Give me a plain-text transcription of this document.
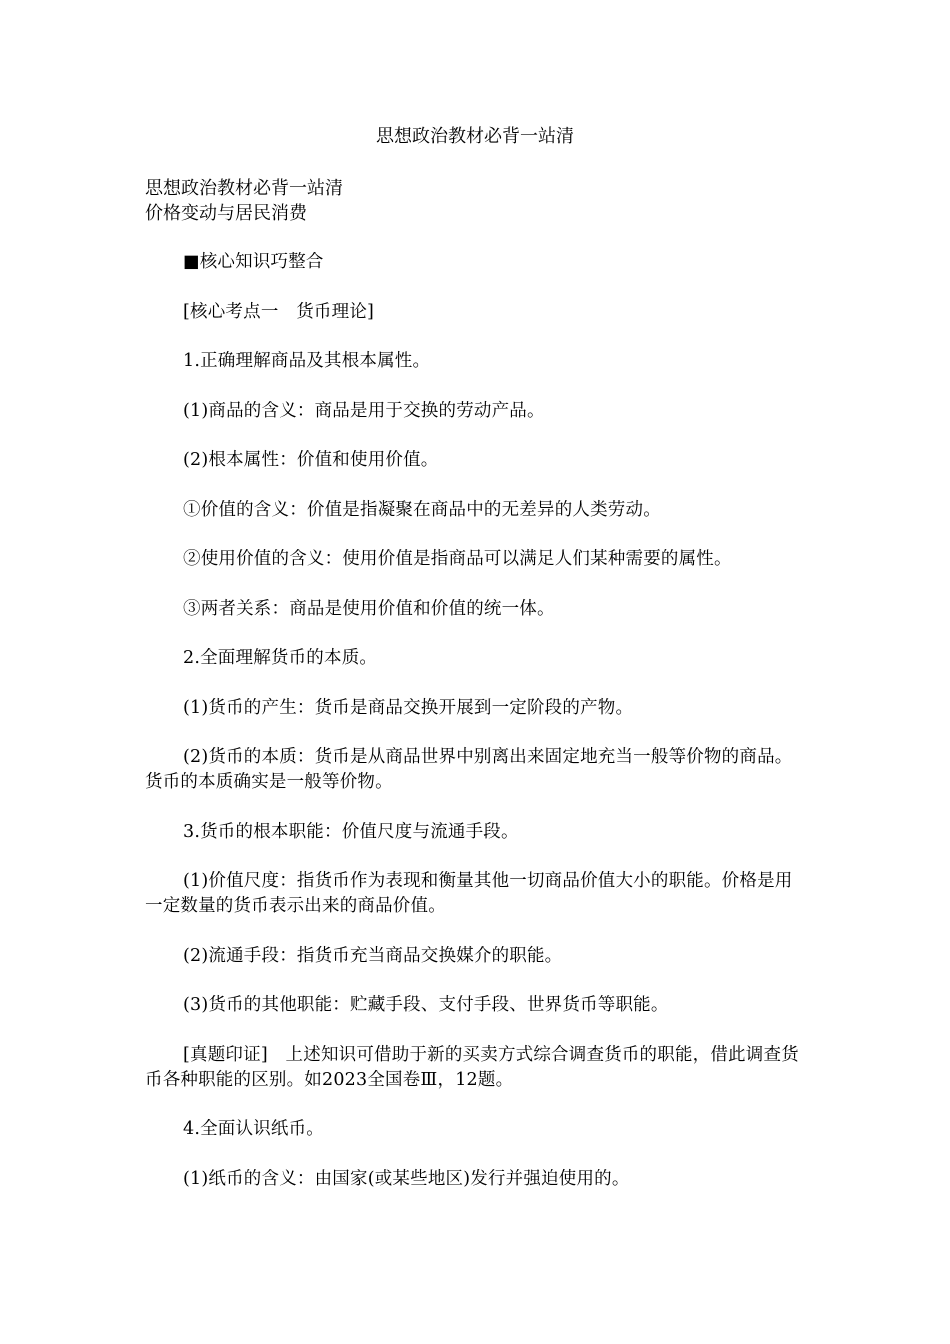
思想政治教材必背一站清
思想政治教材必背一站清
价格变动与居民消费

■核心知识巧整合

[核心考点一　货币理论]

1.正确理解商品及其根本属性。

(1)商品的含义：商品是用于交换的劳动产品。

(2)根本属性：价值和使用价值。

①价值的含义：价值是指凝聚在商品中的无差异的人类劳动。

②使用价值的含义：使用价值是指商品可以满足人们某种需要的属性。

③两者关系：商品是使用价值和价值的统一体。

2.全面理解货币的本质。

(1)货币的产生：货币是商品交换开展到一定阶段的产物。

(2)货币的本质：货币是从商品世界中别离出来固定地充当一般等价物的商品。货币的本质确实是一般等价物。

3.货币的根本职能：价值尺度与流通手段。

(1)价值尺度：指货币作为表现和衡量其他一切商品价值大小的职能。价格是用一定数量的货币表示出来的商品价值。

(2)流通手段：指货币充当商品交换媒介的职能。

(3)货币的其他职能：贮藏手段、支付手段、世界货币等职能。

[真题印证]　上述知识可借助于新的买卖方式综合调查货币的职能，借此调查货币各种职能的区别。如2023全国卷Ⅲ，12题。

4.全面认识纸币。

(1)纸币的含义：由国家(或某些地区)发行并强迫使用的。
